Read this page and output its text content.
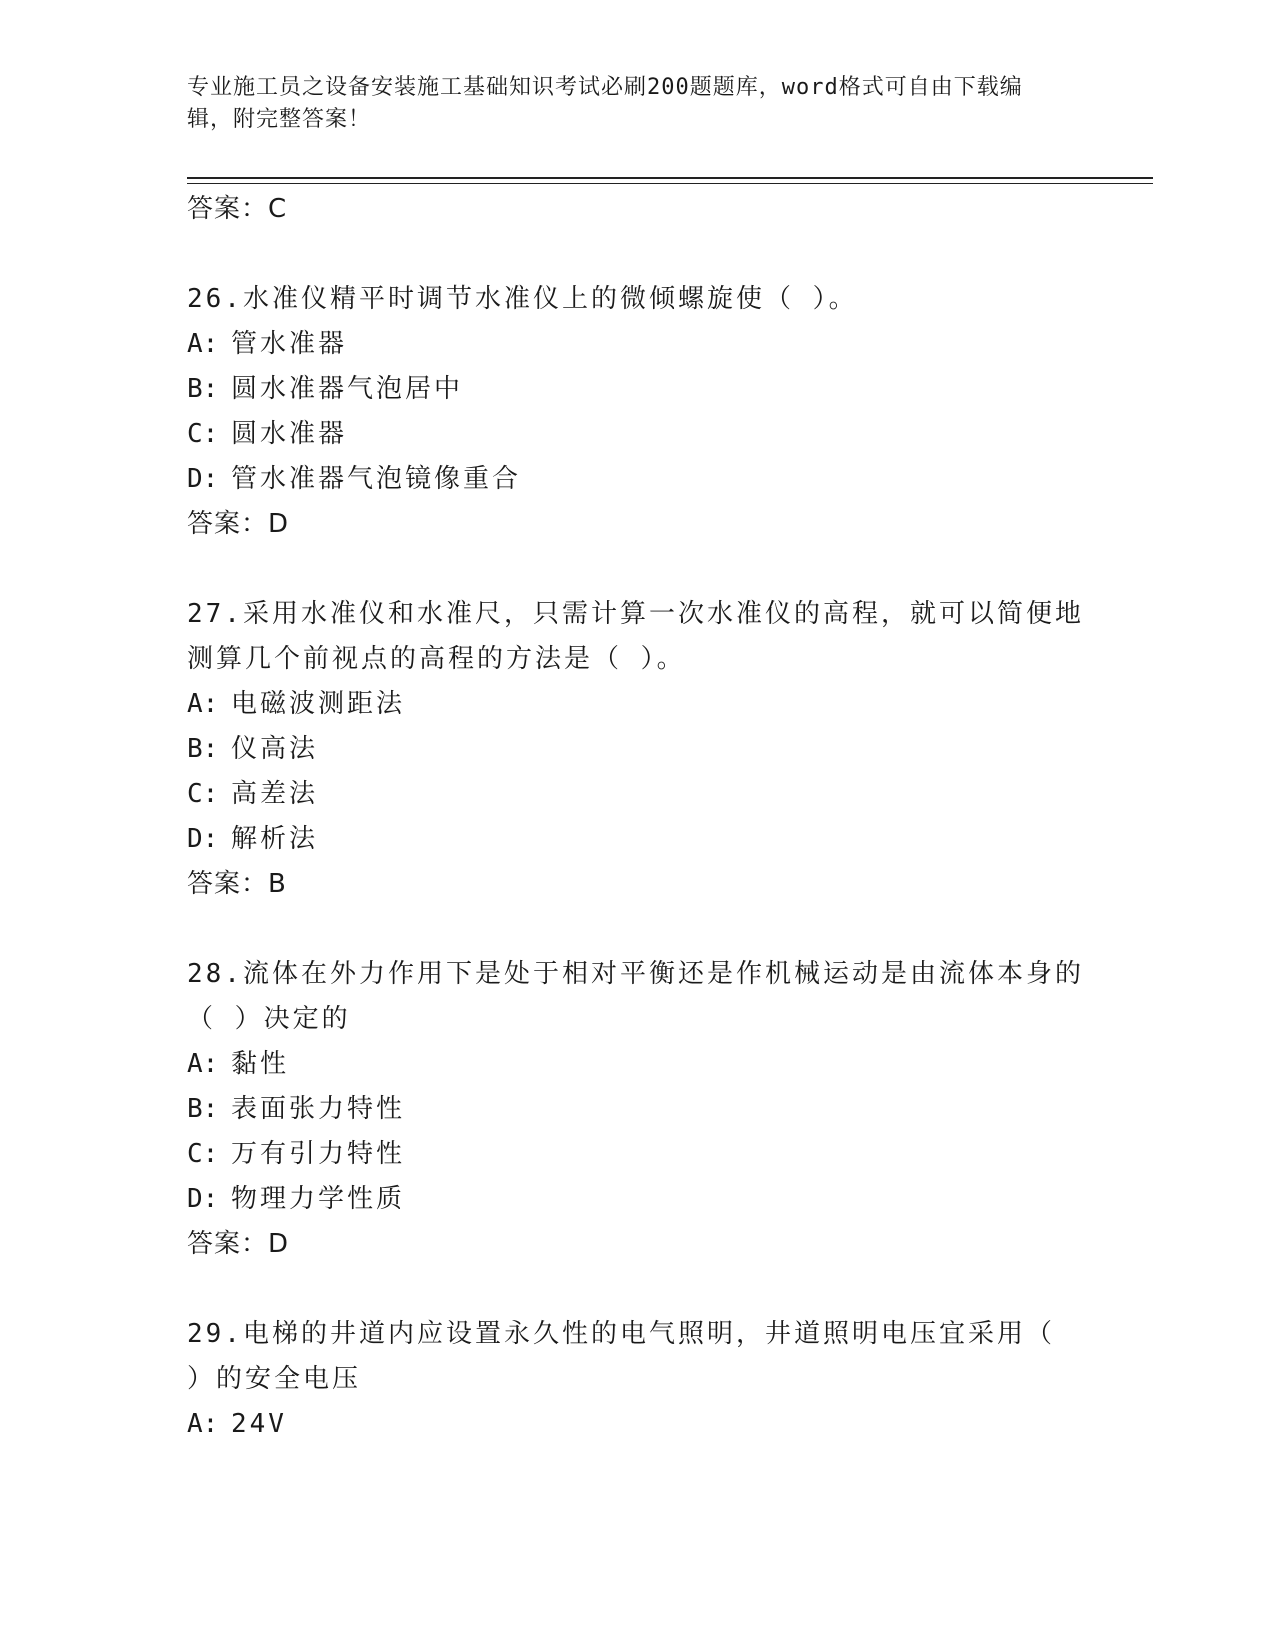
专业施工员之设备安装施工基础知识考试必刷200题题库，word格式可自由下载编辑，附完整答案！
答案：C
26.水准仪精平时调节水准仪上的微倾螺旋使（ ）。
A: 管水准器
B: 圆水准器气泡居中
C: 圆水准器
D: 管水准器气泡镜像重合
答案：D
27.采用水准仪和水准尺，只需计算一次水准仪的高程，就可以简便地测算几个前视点的高程的方法是（ ）。
A: 电磁波测距法
B: 仪高法
C: 高差法
D: 解析法
答案：B
28.流体在外力作用下是处于相对平衡还是作机械运动是由流体本身的（ ）决定的
A: 黏性
B: 表面张力特性
C: 万有引力特性
D: 物理力学性质
答案：D
29.电梯的井道内应设置永久性的电气照明，井道照明电压宜采用（ ）的安全电压
A: 24V
